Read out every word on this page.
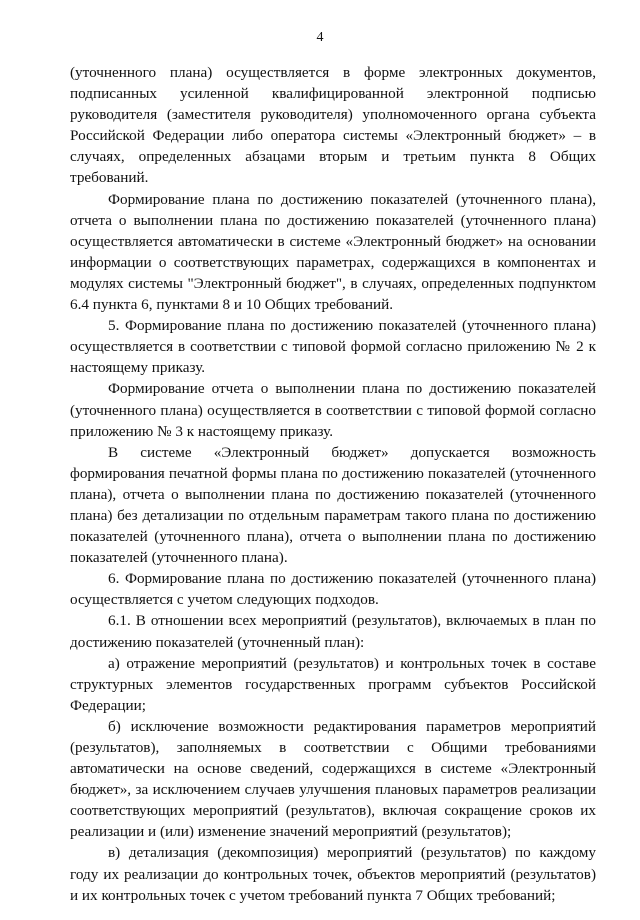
4

(уточненного плана) осуществляется в форме электронных документов, подписанных усиленной квалифицированной электронной подписью руководителя (заместителя руководителя) уполномоченного органа субъекта Российской Федерации либо оператора системы «Электронный бюджет» – в случаях, определенных абзацами вторым и третьим пункта 8 Общих требований.

Формирование плана по достижению показателей (уточненного плана), отчета о выполнении плана по достижению показателей (уточненного плана) осуществляется автоматически в системе «Электронный бюджет» на основании информации о соответствующих параметрах, содержащихся в компонентах и модулях системы "Электронный бюджет", в случаях, определенных подпунктом 6.4 пункта 6, пунктами 8 и 10 Общих требований.

5. Формирование плана по достижению показателей (уточненного плана) осуществляется в соответствии с типовой формой согласно приложению № 2 к настоящему приказу.

Формирование отчета о выполнении плана по достижению показателей (уточненного плана) осуществляется в соответствии с типовой формой согласно приложению № 3 к настоящему приказу.

В системе «Электронный бюджет» допускается возможность формирования печатной формы плана по достижению показателей (уточненного плана), отчета о выполнении плана по достижению показателей (уточненного плана) без детализации по отдельным параметрам такого плана по достижению показателей (уточненного плана), отчета о выполнении плана по достижению показателей (уточненного плана).

6. Формирование плана по достижению показателей (уточненного плана) осуществляется с учетом следующих подходов.

6.1. В отношении всех мероприятий (результатов), включаемых в план по достижению показателей (уточненный план):

а) отражение мероприятий (результатов) и контрольных точек в составе структурных элементов государственных программ субъектов Российской Федерации;

б) исключение возможности редактирования параметров мероприятий (результатов), заполняемых в соответствии с Общими требованиями автоматически на основе сведений, содержащихся в системе «Электронный бюджет», за исключением случаев улучшения плановых параметров реализации соответствующих мероприятий (результатов), включая сокращение сроков их реализации и (или) изменение значений мероприятий (результатов);

в) детализация (декомпозиция) мероприятий (результатов) по каждому году их реализации до контрольных точек, объектов мероприятий (результатов) и их контрольных точек с учетом требований пункта 7 Общих требований;
